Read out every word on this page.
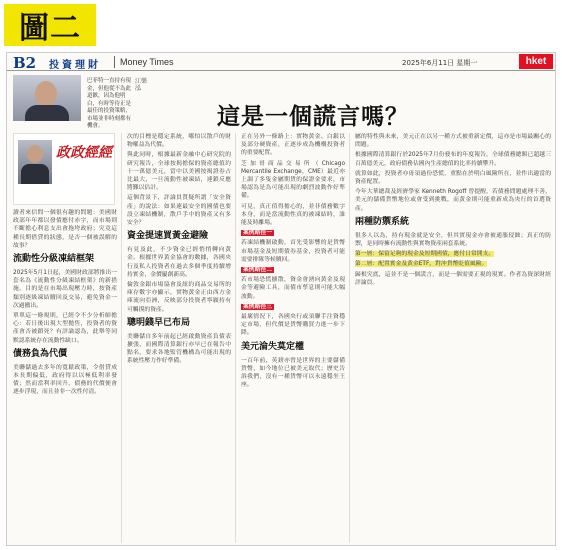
圖二
B2 投資理財 Money Times	2025年6月11日 星期一	hket
巴菲特一直持有現金，但他從不為此道歉，因為他明白，有時等待正是最佳的投資策略，市場並非時刻都有機會。
江樂泓
這是一個謊言嗎？
政政經經
讀者來信問一個很有趣的問題：美國財政部年年都以發債應付赤字，而市場則不斷擔心利息支出會拖垮政府；究竟這種長期借貸的狀態，是否一個被誤解的故事？
流動性分級凍結框架
2025年5月1日起，美國財政部將推出一套名為《流動性分級凍結框架》的新措施，目的是在市場出現壓力時，按資產類別逐級凍結贖回及交易，避免資金一次過撤出。
單單這一條規則，已經令不少分析師擔心：若日後出現大型拋售，投資者的資產會否被鎖死？有評論認為，此舉等同默認系統存在流動性缺口。
債務負為代價
美聯儲過去多年的寬鬆政策，令借貸成本長期偏低，政府得以以極低利率發債；然而當利率回升，債務的代價便會逐步浮現，而且並非一次性付清。
次的目標是穩定系統，哪怕以散戶的財物權益為代價。
與此同時，根據最新金融中心研究院的研究報告，全球按揭擔保的資產總值約十一萬億美元，當中以美國按揭證券占比最大，一旦流動性被凍結，連鎖反應將難以估計。
這個背景下，評論員質疑所謂「安全資產」的說法：如果連最安全的國債也要設立凍結機制，散戶手中的資產又有多安全？
資金提速買黃金避險
有見及此，不少資金已經悄悄轉向黃金。根據世界黃金協會的數據，各國央行及私人投資者在過去多個季度持續增持實金，金價屢創新高。
倫敦金銀市場協會及紐約商品交易所的庫存數字亦顯示，實物黃金正由西方金庫流向亞洲，反映部分投資者寧願持有可觸摸的資產。
聰明錢早已布局
美聯儲自多年前起已經啟動資產負債表擴張，而國際清算銀行亦早已在報告中點名，要求各地監管機構為可能出現的系統性壓力作好準備。
正在另外一條路上：實物黃金、白銀以及部分硬資產，正逐步成為機構投資者的重要配置。
芝加哥商品交易所（Chicago Mercantile Exchange，CME）最近亦上調了多隻金屬期貨的保證金要求，市場認為是為可能出現的劇烈波動作好準備。
可見，真正值得擔心的，並非債務數字本身，而是當流動性真的被凍結時，誰能及時離場。
案例路徑一
若凍結機制啟動，首先受影響的是貨幣市場基金及短期債券基金，投資者可能需要排隊等候贖回。
案例路徑二
若市場恐慌擴散，資金會湧向黃金及現金等避險工具，而債市孳息則可能大幅波動。
案例路徑三
最壞情況下，各國央行或須聯手注資穩定市場，但代價是貨幣購買力進一步下降。
美元淪失莫定權
一百年前，英鎊亦曾是世界的主要儲備貨幣，如今地位已被美元取代；歷史告訴我們，沒有一種貨幣可以永遠穩坐王座。
屬的特性與未來，美元正在以另一種方式被重新定價，這亦是市場最關心的問題。
根據國際清算銀行於2025年7月份發布的年度報告，全球債務總額已超越三百萬億美元，政府債務佔國內生產總值的比率持續攀升。
就算如此，投資者亦毋須過份恐慌，重點在於明白風險所在，並作出適當的資產配置。
今年大華總裁及經濟學家 Kenneth Rogoff 曾提醒，若債務問題處理不善，美元的儲備貨幣地位或會受到挑戰，而黃金則可能重新成為央行的首選資產。
兩種防禦系統
很多人以為，持有現金就是安全，但其實現金亦會被通脹侵蝕；真正的防禦，是同時擁有流動性與實物資產兩套系統。
第一層：保留足夠的現金及短期國債，應付日常開支。
第二層：配置實金及黃金ETF，對沖貨幣貶值風險。
歸根究底，這並不是一個謊言，而是一個需要正視的現實。作者為資深財經評論員。
